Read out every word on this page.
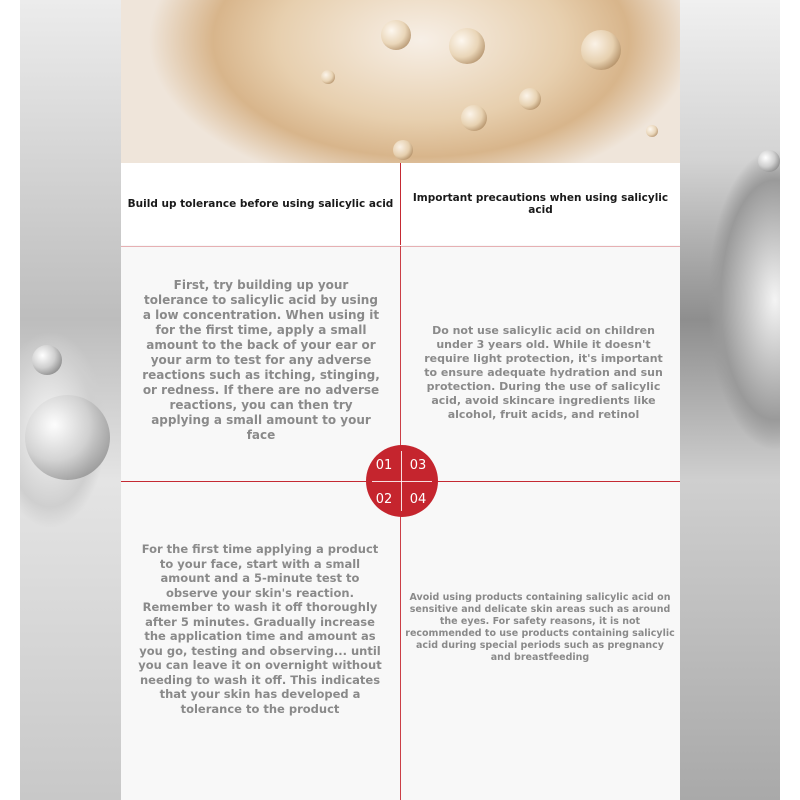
Build up tolerance before using salicylic acid
First, try building up your tolerance to salicylic acid by using a low concentration. When using it for the first time, apply a small amount to the back of your ear or your arm to test for any adverse reactions such as itching, stinging, or redness. If there are no adverse reactions, you can then try applying a small amount to your face
Important precautions when using salicylic acid
Do not use salicylic acid on children under 3 years old. While it doesn't require light protection, it's important to ensure adequate hydration and sun protection. During the use of salicylic acid, avoid skincare ingredients like alcohol, fruit acids, and retinol
For the first time applying a product to your face, start with a small amount and a 5-minute test to observe your skin's reaction. Remember to wash it off thoroughly after 5 minutes. Gradually increase the application time and amount as you go, testing and observing... until you can leave it on overnight without needing to wash it off. This indicates that your skin has developed a tolerance to the product
Avoid using products containing salicylic acid on sensitive and delicate skin areas such as around the eyes. For safety reasons, it is not recommended to use products containing salicylic acid during special periods such as pregnancy and breastfeeding
01	03
02	04
